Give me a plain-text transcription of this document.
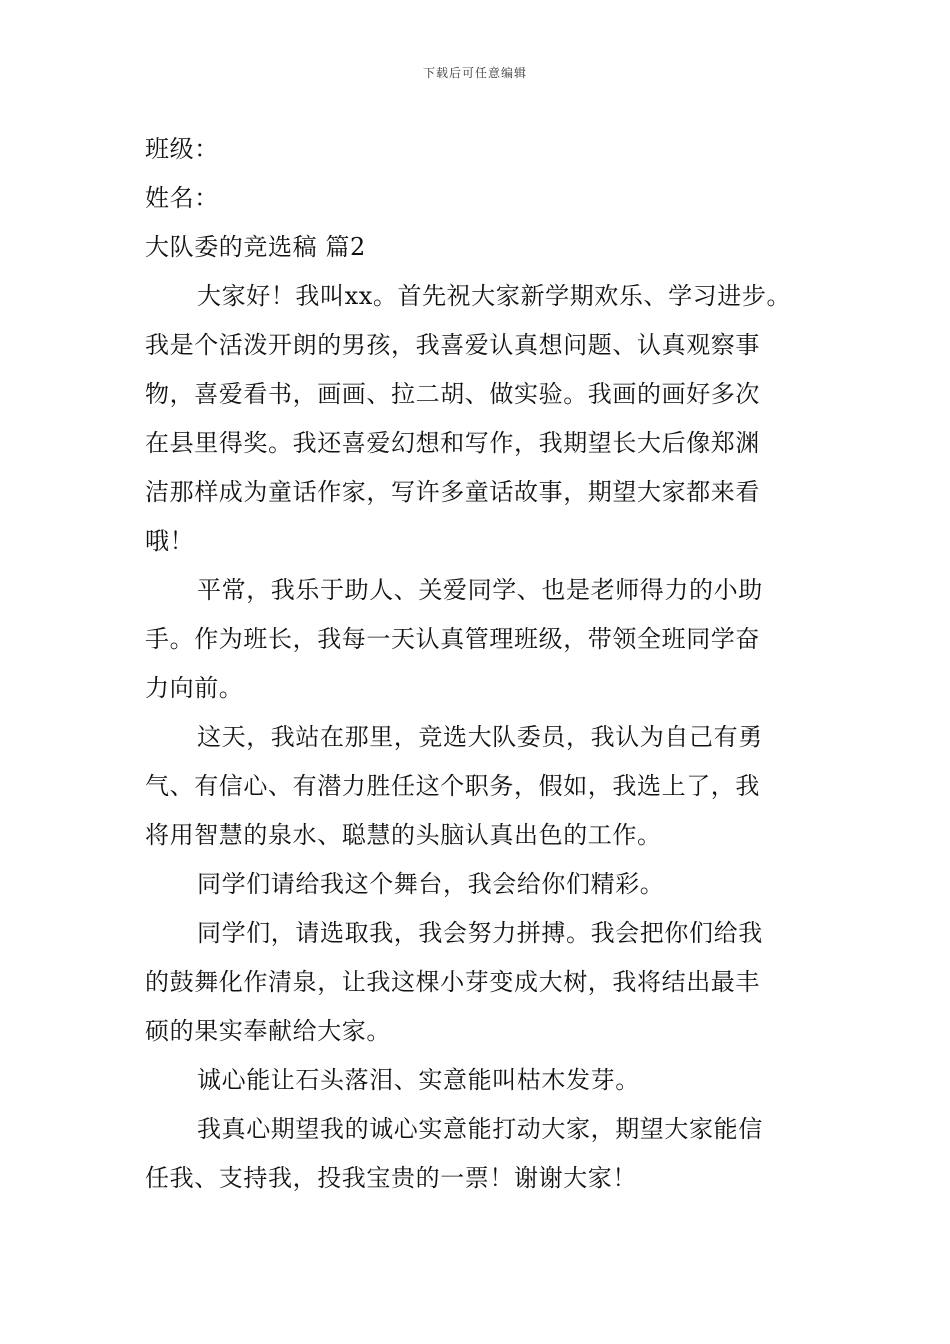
下载后可任意编辑
班级：
姓名：
大队委的竞选稿 篇2
大家好！我叫xx。首先祝大家新学期欢乐、学习进步。
我是个活泼开朗的男孩，我喜爱认真想问题、认真观察事
物，喜爱看书，画画、拉二胡、做实验。我画的画好多次
在县里得奖。我还喜爱幻想和写作，我期望长大后像郑渊
洁那样成为童话作家，写许多童话故事，期望大家都来看
哦！
平常，我乐于助人、关爱同学、也是老师得力的小助
手。作为班长，我每一天认真管理班级，带领全班同学奋
力向前。
这天，我站在那里，竞选大队委员，我认为自己有勇
气、有信心、有潜力胜任这个职务，假如，我选上了，我
将用智慧的泉水、聪慧的头脑认真出色的工作。
同学们请给我这个舞台，我会给你们精彩。
同学们，请选取我，我会努力拼搏。我会把你们给我
的鼓舞化作清泉，让我这棵小芽变成大树，我将结出最丰
硕的果实奉献给大家。
诚心能让石头落泪、实意能叫枯木发芽。
我真心期望我的诚心实意能打动大家，期望大家能信
任我、支持我，投我宝贵的一票！谢谢大家！
